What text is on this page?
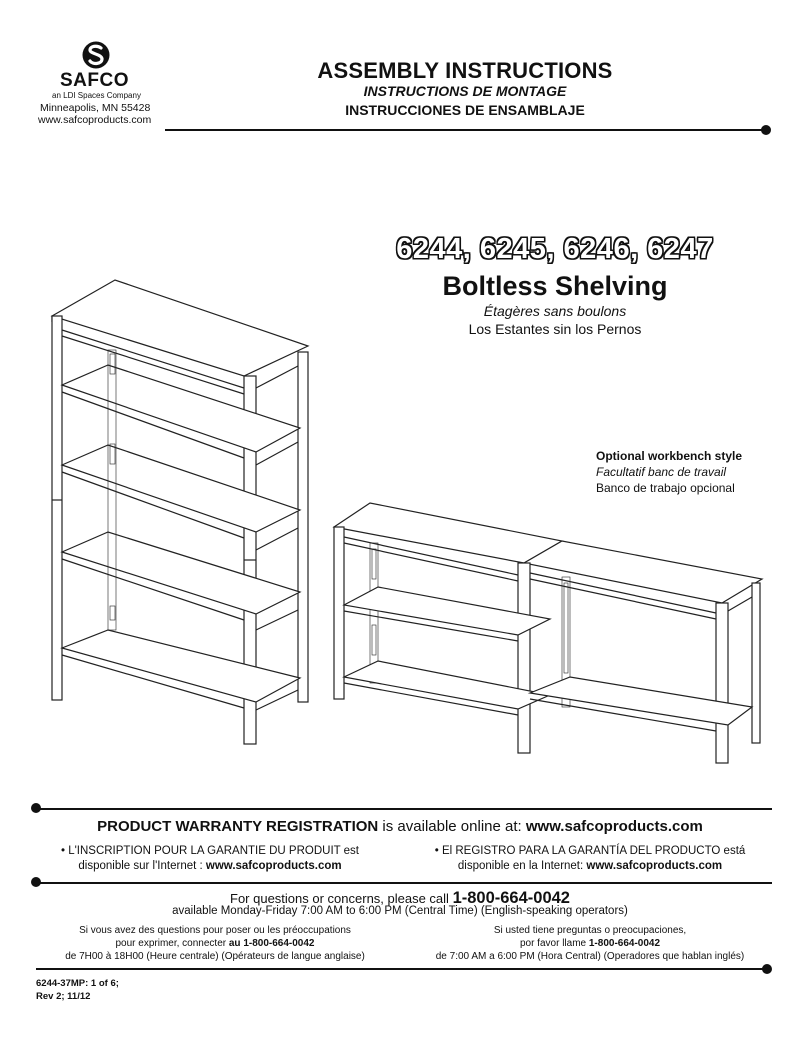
SAFCO
an LDI Spaces Company
Minneapolis, MN 55428
www.safcoproducts.com
ASSEMBLY INSTRUCTIONS
INSTRUCTIONS DE MONTAGE
INSTRUCCIONES DE ENSAMBLAJE
6244, 6245, 6246, 6247
Boltless Shelving
Étagères sans boulons
Los Estantes sin los Pernos
Optional workbench style
Facultatif banc de travail
Banco de trabajo opcional
PRODUCT WARRANTY REGISTRATION is available online at: www.safcoproducts.com
• L'INSCRIPTION POUR LA GARANTIE DU PRODUIT est
disponible sur l'Internet : www.safcoproducts.com
• El REGISTRO PARA LA GARANTÍA DEL PRODUCTO está
disponible en la Internet: www.safcoproducts.com
For questions or concerns, please call 1-800-664-0042
available Monday-Friday 7:00 AM to 6:00 PM (Central Time) (English-speaking operators)
Si vous avez des questions pour poser ou les préoccupations
pour exprimer, connecter au 1-800-664-0042
de 7H00 à 18H00 (Heure centrale) (Opérateurs de langue anglaise)
Si usted tiene preguntas o preocupaciones,
por favor llame 1-800-664-0042
de 7:00 AM a 6:00 PM (Hora Central) (Operadores que hablan inglés)
6244-37MP: 1 of 6;
Rev 2; 11/12
